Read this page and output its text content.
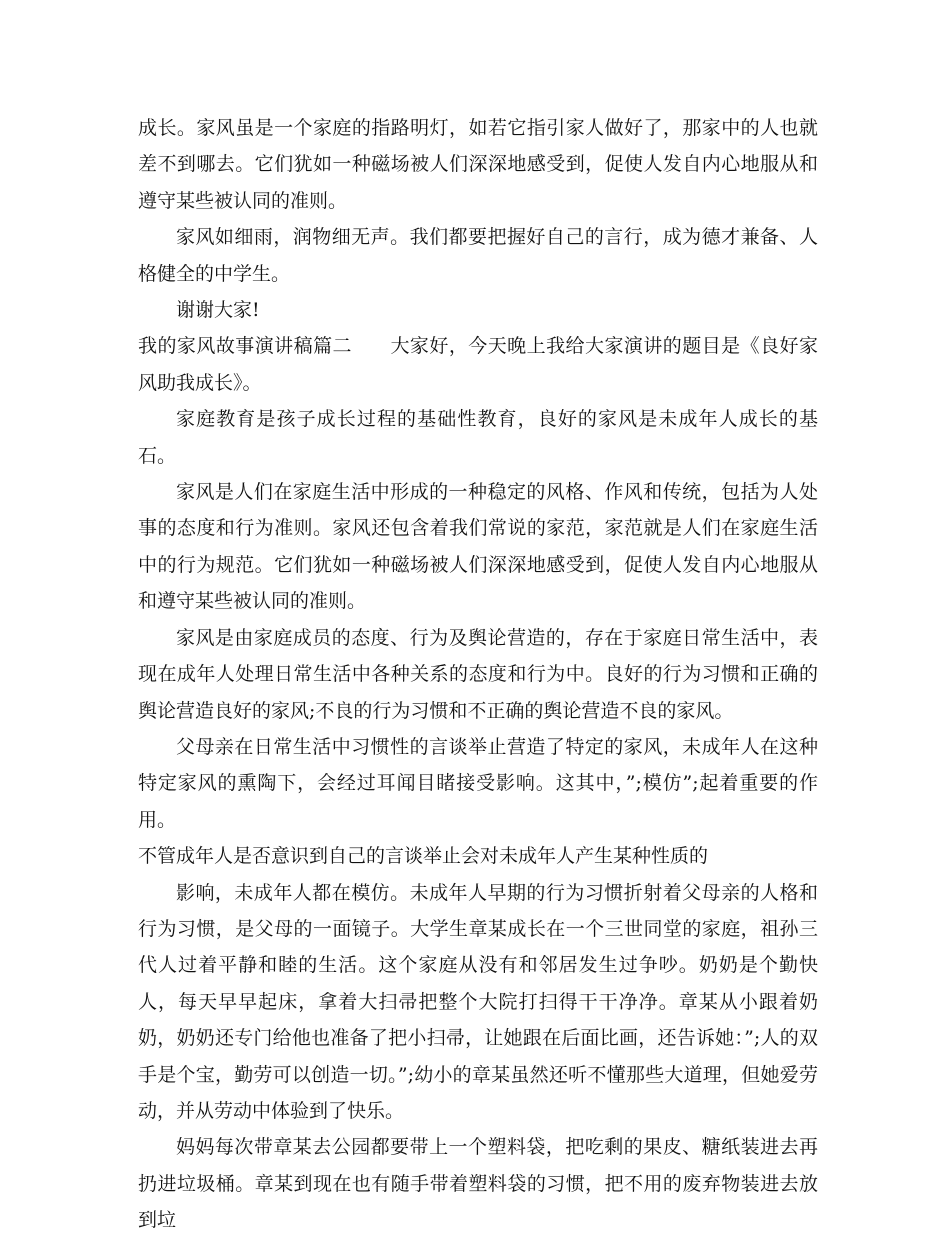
成长。家风虽是一个家庭的指路明灯，如若它指引家人做好了，那家中的人也就差不到哪去。它们犹如一种磁场被人们深深地感受到，促使人发自内心地服从和遵守某些被认同的准则。

家风如细雨，润物细无声。我们都要把握好自己的言行，成为德才兼备、人格健全的中学生。

谢谢大家!

我的家风故事演讲稿篇二 大家好，今天晚上我给大家演讲的题目是《良好家风助我成长》。

家庭教育是孩子成长过程的基础性教育，良好的家风是未成年人成长的基石。

家风是人们在家庭生活中形成的一种稳定的风格、作风和传统，包括为人处事的态度和行为准则。家风还包含着我们常说的家范，家范就是人们在家庭生活中的行为规范。它们犹如一种磁场被人们深深地感受到，促使人发自内心地服从和遵守某些被认同的准则。

家风是由家庭成员的态度、行为及舆论营造的，存在于家庭日常生活中，表现在成年人处理日常生活中各种关系的态度和行为中。良好的行为习惯和正确的舆论营造良好的家风;不良的行为习惯和不正确的舆论营造不良的家风。

父母亲在日常生活中习惯性的言谈举止营造了特定的家风，未成年人在这种特定家风的熏陶下，会经过耳闻目睹接受影响。这其中，”;模仿”;起着重要的作用。

不管成年人是否意识到自己的言谈举止会对未成年人产生某种性质的

影响，未成年人都在模仿。未成年人早期的行为习惯折射着父母亲的人格和行为习惯，是父母的一面镜子。大学生章某成长在一个三世同堂的家庭，祖孙三代人过着平静和睦的生活。这个家庭从没有和邻居发生过争吵。奶奶是个勤快人，每天早早起床，拿着大扫帚把整个大院打扫得干干净净。章某从小跟着奶奶，奶奶还专门给他也准备了把小扫帚，让她跟在后面比画，还告诉她：”;人的双手是个宝，勤劳可以创造一切。”;幼小的章某虽然还听不懂那些大道理，但她爱劳动，并从劳动中体验到了快乐。

妈妈每次带章某去公园都要带上一个塑料袋，把吃剩的果皮、糖纸装进去再扔进垃圾桶。章某到现在也有随手带着塑料袋的习惯，把不用的废弃物装进去放到垃
